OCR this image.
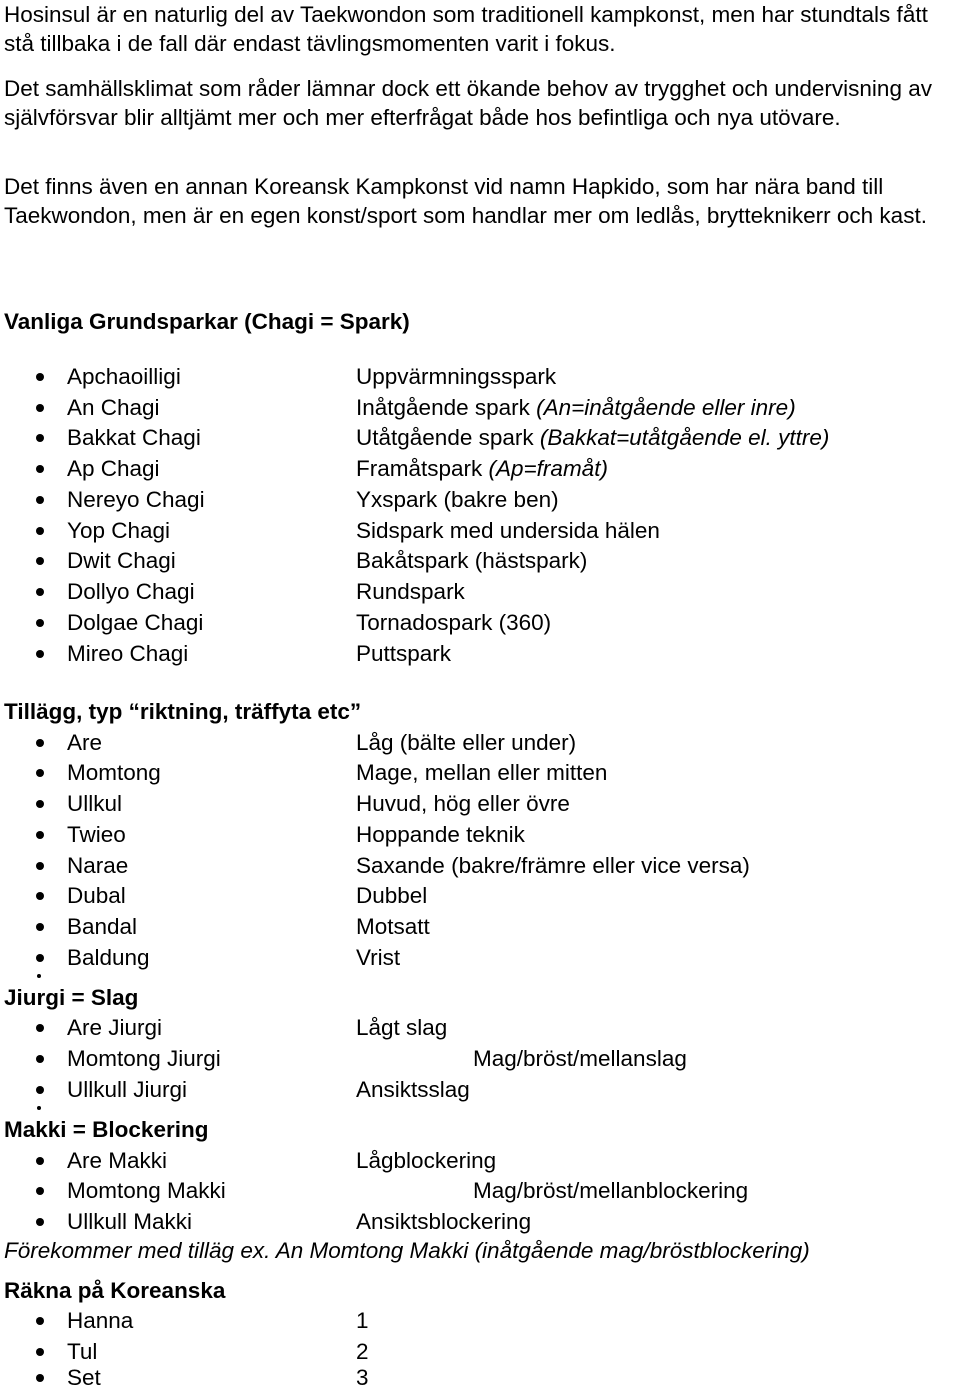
Hosinsul är en naturlig del av Taekwondon som traditionell kampkonst, men har stundtals fått stå tillbaka i de fall där endast tävlingsmomenten varit i fokus.

Det samhällsklimat som råder lämnar dock ett ökande behov av trygghet och undervisning av självförsvar blir alltjämt mer och mer efterfrågat både hos befintliga och nya utövare.

Det finns även en annan Koreansk Kampkonst vid namn Hapkido, som har nära band till Taekwondon, men är en egen konst/sport som handlar mer om ledlås, brytteknikerr och kast.

Vanliga Grundsparkar (Chagi = Spark)
Apchaoilligi	Uppvärmningsspark
An Chagi	Inåtgående spark (An=inåtgående eller inre)
Bakkat Chagi	Utåtgående spark (Bakkat=utåtgående el. yttre)
Ap Chagi	Framåtspark (Ap=framåt)
Nereyo Chagi	Yxspark (bakre ben)
Yop Chagi	Sidspark med undersida hälen
Dwit Chagi	Bakåtspark (hästspark)
Dollyo Chagi	Rundspark
Dolgae Chagi	Tornadospark (360)
Mireo Chagi	Puttspark
Tillägg, typ “riktning, träffyta etc”
Are	Låg (bälte eller under)
Momtong	Mage, mellan eller mitten
Ullkul	Huvud, hög eller övre
Twieo	Hoppande teknik
Narae	Saxande (bakre/främre eller vice versa)
Dubal	Dubbel
Bandal	Motsatt
Baldung	Vrist
Jiurgi = Slag
Are Jiurgi	Lågt slag
Momtong Jiurgi	Mag/bröst/mellanslag
Ullkull Jiurgi	Ansiktsslag
Makki = Blockering
Are Makki	Lågblockering
Momtong Makki	Mag/bröst/mellanblockering
Ullkull Makki	Ansiktsblockering
Förekommer med tilläg ex. An Momtong Makki (inåtgående mag/bröstblockering)
Räkna på Koreanska
Hanna	1
Tul	2
Set	3
